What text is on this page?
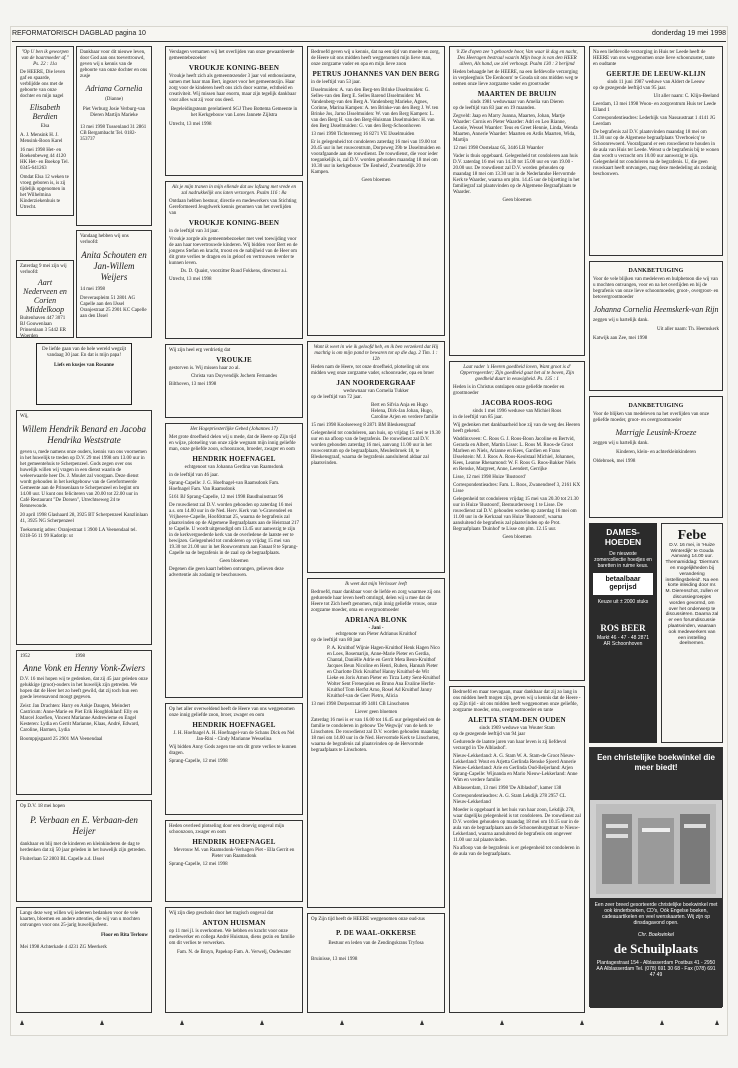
REFORMATORISCH DAGBLAD pagina 10	donderdag 19 mei 1998
"Op U ben ik geworpen van de baarmoeder af." Ps. 22 : 11a
De HEERE, Die leven gaf en spaarde, verblijdde ons met de geboorte van onze dochter en mijn nagel
Elisabeth Berdien
Elsa
A. J. Mensink H. J. Mensink-Boon Karel
16 mei 1998 Het- en Boekenbeweg 44 4120 HK Het- en Boekop Tel. 0345-641263
Omdat Elsa 12 weken te vroeg geboren is, is zij tijdelijk opgenomen in het Wilhelmina Kinderziekenhuis te Utrecht.
Dankbaar voor dit nieuwe leven, door God aan ons toevertrouwd, geven wij u kennis van de geboorte van onze dochter en ons zusje
Adriana Cornelia
(Dianne)
Piet Verburg Josie Verburg-van Dieren Martijn Marieke
13 mei 1998 Tussenland 31 2861 CB Bergambacht Tel. 0182-353737
Vandaag hebben wij ons verloofd:
Anita Schouten en Jan-Willem Weijers
14 mei 1998
Dreveraspleim 51 2801 AG Capelle aan den IJssel Oranjestraat 25 2901 KC Capelle aan den IJssel
Zaterdag 9 mei zijn wij verloofd:
Aart Nederveen en Corien Middelkoop
Buitenhaven 447 3071 BJ Gouwenlaan Prinsenlaan 3 5442 ER Woerden
De liefde gaan van de hele wereld wegzijt vandaag 30 jaar. En dat is mijn papa!
Liefs en kusjes van Rosanne
Wij,
Willem Hendrik Benard en Jacoba Hendrika Weststrate
geven u, mede namens onze ouders, kennis van ons voornemen in het huwelijk te treden op D.V. 29 mei 1998 om 13.00 uur in het gemeentehuis te Scherpenzeel. Gods zegen over ons huwelijk willen wij vragen in een dienst waarin de weleerwaarde heer Ds. J. Moulet zal voorgaan. Deze dienst wordt gehouden in het kerkgebouw van de Gereformeerde Gemeente aan de Prinsenlaan te Scherpenzeel en begint om 14.00 uur. U kunt ons feliciteren van 20.00 tot 22.00 uur in Café Restaurant "De Dorsen", Utrechtseweg 24 te Rennewoude.
20 april 1998 Glashaard 28, 3925 BT Scherpenzeel Kanzlinlaan 41, 3925 NG Scherpenzeel
Toekomstig adres: Oranjestraat 1 3900 LA Veenendaal tel. 0318-56 11 99 Kadotip: ut
1952                                    1998
Anne Vonk en Henny Vonk-Zwiers
D.V. 16 mei hopen wij te gedenken, dat zij 45 jaar geleden onze gelukkige (groot)-ouders in het huwelijk zijn getreden. We hopen dat de Heer het zo heeft gewild, dat zij toch hun een goede levensavond moogt gegeven.
Zeist: Jan Drachten: Harry en Ankje Daugen, Meindert Castricum: Anne-Marie en Piet Erik Hoogbloklanf: Elly en Marcel Jozefien, Vincent Marianne Andrewieme en Engel Kesteren: Lydia en Gerrit Marianne, Klaas, André, Edward, Caroline, Harmen, Lydia
Boomppjsgaard 25 2901 MA Veenendaal
Op D.V. 18 mei hopen
P. Verbaan en E. Verbaan-den Heijer
dankbaar en blij met de kinderen en kleinkinderen de dag te herdenken dat zij 50 jaar geleden in het huwelijk zijn getreden.
Fluiterlaan 52 2803 BL Capelle a.d. IJssel
Langs deze weg willen wij iedereen bedanken voor de vele kaarten, bloemen en andere attenties, die wij van u mochten ontvangen voor ons 25-jarig huwelijksfeest.
Floor en Rita Terlouw
Mei 1998 Achterkade 4 4231 ZG Meerkerk
Verslagen vernamen wij het overlijden van onze gewaardeerde gemeentebezoeker
VROUKJE KONING-BEEN
Vroukje heeft zich als gemeentezender 3 jaar vol enthousiasme, samen met haar man Bert, ingezet voor het gemeentezijn. Haar zorg voor de kinderen heeft ons zich door warme, echtheid en creativiteit. Wij missen haar enorm, maar zijn tegelijk dankbaar voor alles wat zij voor ons deed.
Begeleidingsteam gerelatieerd SGJ Theo Bottema Gemeente in het Kerkgebouw van Lores Jannete Zijlstra
Utrecht, 13 mei 1998
Als je mijn tranen in mijn ellende dat uw lofzang met vrede en zal nadrukkelijk ons laten verzorgen. Psalm 116 : 8a
Ontdaan hebben bestuur, directie en medewerkers van Stichting Gereformeerd Jeugdwerk kennis genomen van het overlijden van
VROUKJE KONING-BEEN
in de leeftijd van 34 jaar.
Vroukje zorgde als gemeentebezoeker met veel toewijding voor de aan haar toevertrouwde kinderen. Wij bidden voor Bert en de jongens Stefan en kracht, troost en de nabijheid van de Heer om dit grote verlies te dragen en in geloof en vertrouwen verder te kunnen leven.
Ds. D. Quaist, voorzitter Ruud Fokkens, directeur a.i.
Utrecht, 13 mei 1998
Wij zijn heel erg verdrietig dat
VROUKJE
gestorven is. Wij missen haar zo al.
Christa van Duyvendijk Jochem Fernandes
Bilthoven, 13 mei 1998
Het Hogepriesterlijke Gebed (Johannes 17)
Met grote droefheid delen wij u mede, dat de Heere op Zijn tijd en wijze, plotseling van onze zijde wegnam mijn innig geliefde man, onze geliefde zoon, schoonzoon, broeder, zwager en oom
HENDRIK HOEFNAGEL
echtgenoot van Johanna Gerdina van Raamsdonk
in de leeftijd van 46 jaar.
Sprang-Capelle: J. G. Hoefnagel-van Raamsdonk Fam. Hoefnagel Fam. Van Raamsdonk
5161 BJ Sprang-Capelle, 12 mei 1998 Baudhuinstraat 96
De rouwdienst zal D.V. worden gehouden op zaterdag 16 mei a.s. om 14.00 uur in de Ned. Herv. Kerk van 's-Gravendeel en Vrijheeve-Capelle, Hoofdstraat 25, waarna de begrafenis zal plaatsvinden op de Algemene Begraafplaats aan de Heistraat 217 te Capelle. U wordt uitgenodigd om 13.45 uur aanwezig te zijn in de kerkvergoederde kerk van de overledene de laatste eer te bewijzen. Gelegenheid tot condoleren op vrijdag 15 mei van 19.30 tot 21.00 uur in het Rouwcentrum aan Fanaat 8 te Sprang-Capelle na de begrafenis in de zaal op de begraafplaats.
Geen bloemen
Degenen die geen kaart hebben ontvangen, gelieven deze advertentie als zodanig te beschouwen.
Op het aller overweldend heeft de Heere van ons weggenomen onze innig geliefde zoon, broer, zwager en oom
HENDRIK HOEFNAGEL
J. H. Hoefnagel A. H. Hoefnagel-van de Schans Dick en Nel Jan-Rini - Cindy Marianne Wesselina
Wij bidden Anny Gods zegen toe om dit grote verlies te kunnen dragen.
Sprang-Capelle, 12 mei 1998
Heden overleed plotseling door een droevig ongeval mijn schoonzoon, zwager en oom
HENDRIK HOEFNAGEL
Mevrouw M. van Raamsdonk-Verhagen Piet - Ella Gerrit en Pieter van Raamsdonk
Sprang-Capelle, 12 mei 1998
Wij zijn diep geschokt door het tragisch ongeval dat
ANTON HUISMAN
op 11 mei jl. is overkomen. We hebben en kracht voor onze medewerker en collega André Huisman, diens gezin en familie om dit verlies te verwerken.
Fam. N. de Bruyn, Papekop Fam. A. Verwelj, Oudewater
Bedroefd geven wij u kennis, dat na een tijd van moeite en zorg, de Heere uit ons midden heeft weggenomen mijn lieve man, onze zorgzame vader en opa en mijn lieve zoon
PETRUS JOHANNES VAN DEN BERG
in de leeftijd van 53 jaar.
IJsselmuiden: A. van den Berg-ten Brinke IJsselmuiden: G. Selles-van den Berg E. Selles Barend IJsselmuiden: M. Vandenberg-van den Berg A. Vandenberg Marieke, Agnes, Corinne, Marina Kampen: A. ten Brinke-van den Berg J. W. ten Brinke Jos, Jarno IJsselmuiden: W. van den Berg Kampen: L. van den Berg H. van den Berg-Huisman IJsselmuiden: H. van den Berg IJsselmuiden: G. van den Berg-Schoonhoven
13 mei 1998 Tichtersteeg 16 8271 VE IJsselmuiden
Er is gelegenheid tot condoleren zaterdag 16 mei van 19.00 tot 20.45 uur in het rouwcentrum, Dorpsweg 39b te IJsselmuiden en voorafgaande aan de rouwdienst. De rouwdienst, die voor ieder toegankelijk is, zal D.V. worden gehouden maandag 18 mei om 10.30 uur in kerkgebouw 'De Eenheid', Zwartendijk 20 te Kampen.
Geen bloemen
Want ik weet in wie ik geloofd heb, en ik ben verzekerd dat Hij machtig is om mijn pand te bewaren tot op die dag. 2 Tim. 1 : 12b
Heden nam de Heere, tot onze droefheid, plotseling uit ons midden weg onze zorgzame vader, schoonvader, opa en broer
JAN NOORDERGRAAF
weduwnaar van Cornelia Tukker
op de leeftijd van 72 jaar.
Bert en Sifvia Anja en Hugo Helena, Dirk-Jan Johan, Hugo, Caroline Arjen en verdere familie
15 mei 1998 Koolseeweg 8 2871 BM Bleskensgraaf
Gelegenheid tot condoleren, aan huis, op vrijdag 15 mei te 19.30 uur en na afloop van de begrafenis. De rouwdienst zal D.V. worden gehouden zaterdag 16 mei, aanvang 11.00 uur in het rouwcentrum op de begraafplaats, Meulenbroek 18, te Bleskensgraaf, waarna de begrafenis aansluitend aldaar zal plaatsvinden.
Ik weet dat mijn Verlosser leeft
Bedroefd, maar dankbaar voor de liefde en zorg waarmee zij ons gedurende haar leven heeft omringd, delen wij u mee dat de Heere tot Zich heeft genomen, mijn innig geliefde vrouw, onze zorgzame moeder, oma en overgrootmoeder
ADRIANA BLONK
- Jani -
echtgenote van Pieter Adrianus Kruithof
op de leeftijd van 80 jaar
P. A. Kruithof Wijnie Hagen-Kruithof Henk Hagen Nico en Loes, Rosemarijn, Anne-Marie Pieter en Gerdia, Chantal, Daniëlle Adrie en Gerrit Meta Beun-Kruithof Jacques Beun Nicoline en Henri, Ruben, Hannah Pieter en Charlotte Dick Kruithof Hanny Kruithof-de Wit Lieke en Joris Arnon Pieter en Tirza Letty Sent-Kruithof Wolter Sent Frenequien en Bruno Ana Evaline Herfst-Kruithof Tom Herfst Arno, Rosel Ad Kruithof Janny Kruithof-van de Geer Pietro, Alicia
13 mei 1998 Dorpsstraat 89 3401 CB Linschoten
Liever geen bloemen
Zaterdag 16 mei is er van 16.00 tot 16.45 uur gelegenheid om de familie te condoleren in gebouw 'De Wegwijs' van de kerk te Linschoten. De rouwdienst zal D.V. worden gehouden maandag 18 mei om 14.00 uur in de Ned. Hervormde Kerk te Linschoten, waarna de begrafenis zal plaatsvinden op de Hervormde begraafplaats te Linschoten.
Op Zijn tijd heeft de HEERE weggenomen onze oud-zus
P. DE WAAL-OKKERSE
Bestuur en leden van de Zendingskrans Tryfosa
Bruinisse, 13 mei 1998
'k Zie d'open zee 't gehoorde hoor, Van waar ik dag en nacht, Des Heeragen bestraal waarin Mijn hoop is van den HEER alleen, Als hand, uw ziel verhoogt. Psalm 130 : 3 berijmd
Heden behaagde het de HEERE, na een liefdevolle verzorging in verpleeghuis 'De Eenhoorn' te Gouda uit ons midden weg te nemen onze lieve zorgzame vader en grootvader
MAARTEN DE BRUIJN
sinds 1981 weduwnaar van Amelia van Dieren
op de leeftijd van 83 jaar en 19 maanden.
Zegveld: Jaap en Marry Joanna, Maarten, Johan, Martje Waarder: Cornis en Pieter Waarder: Adri en Leo Rianne, Leonie, Wessel Waarder: Teus en Greet Hennie, Linda, Wenda Maarten, Annerie Waarder: Maarten en Ardis Maarten, Wida, Martijn
12 mei 1998 Oostelaaz 65, 3446 LB Waarder
Vader is thuis opgebaard. Gelegenheid tot condoleren aan huis D.V. zaterdag 16 mei van 14.30 tot 15.00 uur en van 19.00 - 20.00 uur. De rouwdienst zal D.V. worden gehouden op maandag 18 mei om 13.30 uur in de Nederlandse Hervormde Kerk te Waarder, waarna om plm. 14.45 uur de bijzetting in het familiegraf zal plaatsvinden op de Algemene Begraafplaats te Waarder.
Geen bloemen
Laat vader 's Heeren goedheid loven, Want groot is d' Opperregeerder; Zijn goedheid gaat het al te boven, Zijn goedheid duurt in eeuwigheid. Ps. 135 : 1
Heden is in Christus ontslapen onze geliefde moeder en grootmoeder
JACOBA ROOS-ROG
sinds 1 mei 1996 weduwe van Michiel Roos
in de leeftijd van 85 jaar.
Wij gedenken met dankbaarheid hoe zij van de weg des Heeren heeft gekend.
Waddinxveen: C. Roos G. J. Roos-Boon Jacoline en Bertvid, Gerarda en Albert, Martin Lisse: L. Roos M. Roos-de Groot Marleen en Niels, Arianne en Kees, Gardien en Frans IJsselstein: M. J. Roos A. Roos-Keulstaal Michiel, Johannes, Kees, Leanne Rhenamond: W. F. Roos G. Roos-Bakker Niels en Renske, Margreet, Anne, Leendert, Gerrijke
Lisse, 12 mei 1998 Huize 'Bustoord'
Correspondentieadres: Fam. L. Roos, Zwanendreef 3, 2161 KX Lisse
Gelegenheid tot condoleren vrijdag 15 mei van 20.30 tot 21.30 uur in Huize 'Bustoord', Bestuurdersweg 1 te Lisse. De rouwdienst zal D.V. gehouden worden op zaterdag 16 mei om 11.00 uur in de Kerkzaal van Huize 'Bustoord', waarna aansluitend de begrafenis zal plaatsvinden op de Prot. Begraafplaats 'Duinhof' te Lisse om plm. 12.15 uur.
Geen bloemen
Bedroefd en maar toevagaan, maar dankbaar dat zij zo lang in ons midden heeft mogen zijn, geven wij u kennis dat de Heere - op Zijn tijd - uit ons midden heeft weggenomen onze geliefde, zorgzame moeder, oma, overgrootmoeder en tante
ALETTA STAM-DEN OUDEN
sinds 1969 weduwe van Wouter Stam
op de gezegende leeftijd van 94 jaar
Gedurende de laatste jaren van haar leven is zij liefdevol verzorgd in 'De Alblashof'.
Nieuw-Lekkerland: A. G. Stam W. A. Stam-de Groot Nieuw-Lekkerland: Wout en Arjetta Gerlinda Renske Sjoerd Annerie Nieuw-Lekkerland: Arie en Gerlinda Oud-Beijerland: Arjen Sprang-Capelle: Wijnanda en Mario Nieuw-Lekkerland: Anne Wim en verdere familie
Alblasserdam, 13 mei 1998 'De Alblashof', kamer 138
Correspondentieadres: A. G. Stam Lekdijk 278 2957 CL Nieuw-Lekkerland
Moeder is opgebaard in het huis van haar zoon, Lekdijk 278, waar dagelijks gelegenheid is tot condoleren. De rouwdienst zal D.V. worden gehouden op maandag 18 mei om 10.15 uur in de aula van de begraafplaats aan de Schoonenburgstraat te Nieuw-Lekkerland, waarna aansluitend de begrafenis om ongeveer 11.00 uur zal plaatsvinden.
Na afloop van de begrafenis is er gelegenheid tot condoleren in de aula van de begraafplaats.
Na een liefdevolle verzorging in Huis ter Leede heeft de HEERE van ons weggenomen onze lieve schoonzuster, tante en oudtante
GEERTJE DE LEEUW-KLIJN
sinds 11 juni 1987 weduwe van Aldert de Leeuw
op de gezegende leeftijd van 95 jaar.
Uit aller naam: C. Klijn-Beeland
Leerdam, 13 mei 1998 Woon- en zorgcentrum Huis ter Leede Eiland 1
Correspondentieadres: Lederhijk van Nassaustraat 1 4141 JG Leerdam
De begrafenis zal D.V. plaatsvinden maandag 18 mei om 11.30 uur op de Algemene begraafplaats 'Overboeicq' te Schoonrewoerd. Voorafgaand er een rouwdienst te houden in de aula van Huis ter Leede. Wenst u de begrafenis bij te wonen dan wordt u verzocht om 10.00 uur aanwezig te zijn. Gelegenheid tot condoleren na de begrafenis. U, die geen rouwkaart heeft ontvangen, mag deze mededeling als zodanig beschouwen.
DANKBETUIGING
Voor de vele blijken van medeleven en hulpbetoon die wij van u mochten ontvangen, voor en na het overlijden en bij de begrafenis van onze lieve schoonmoeder, groot-, overgroot- en betovergrootmoeder
Johanna Cornelia Heemskerk-van Rijn
zeggen wij u hartelijk dank.
Uit aller naam: Th. Heemskerk
Katwijk aan Zee, mei 1998
DANKBETUIGING
Voor de blijken van medeleven na het overlijden van onze geliefde moeder, groot- en overgrootmoeder
Marrigje Leusink-Kroeze
zeggen wij u hartelijk dank.
Kinderen, klein- en achterkleinkinderen
Oldebroek, mei 1998
DAMES-HOEDEN
De nieuwste zomercollectie hoedjes en baretten in ruime keus.
betaalbaar geprijsd
Keuze uit ± 2000 stuks
ROS BEER
Markt 46 - 47 - 48 2871 AR Schoonhoven
Febe
D.V. 16 mei, in 'Huize Winterdijk' te Gouda Aanvang 14.00 uur. Themamiddag: 'Dierma's en mogelijkheden bij verandering instellingsbeleid'. Na een korte inleiding door mr. M. Dierenschot, zullen er discussiegroepjes worden gevormd, om over het onderwerp te discussiëren. Daarna zal er een forumdiscussie plaatsvinden, waaraan ook medewerkers van een instelling deelnemen.
Een christelijke boekwinkel die meer biedt!
Een zeer breed gesorteerde christelijke boekwinkel met ook kinderboeken, CD's, Oók Engelse boeken, cadeauartikelen en veel wenskaarten. Wij zijn op dinsdagavond open.
Chr. Boekwinkel
de Schuilplaats
Plantagestraat 154 - Alblasserdam Postbus 41 - 2950 AA Alblasserdam Tel. (078) 691 30 68 - Fax (078) 691 47 49
